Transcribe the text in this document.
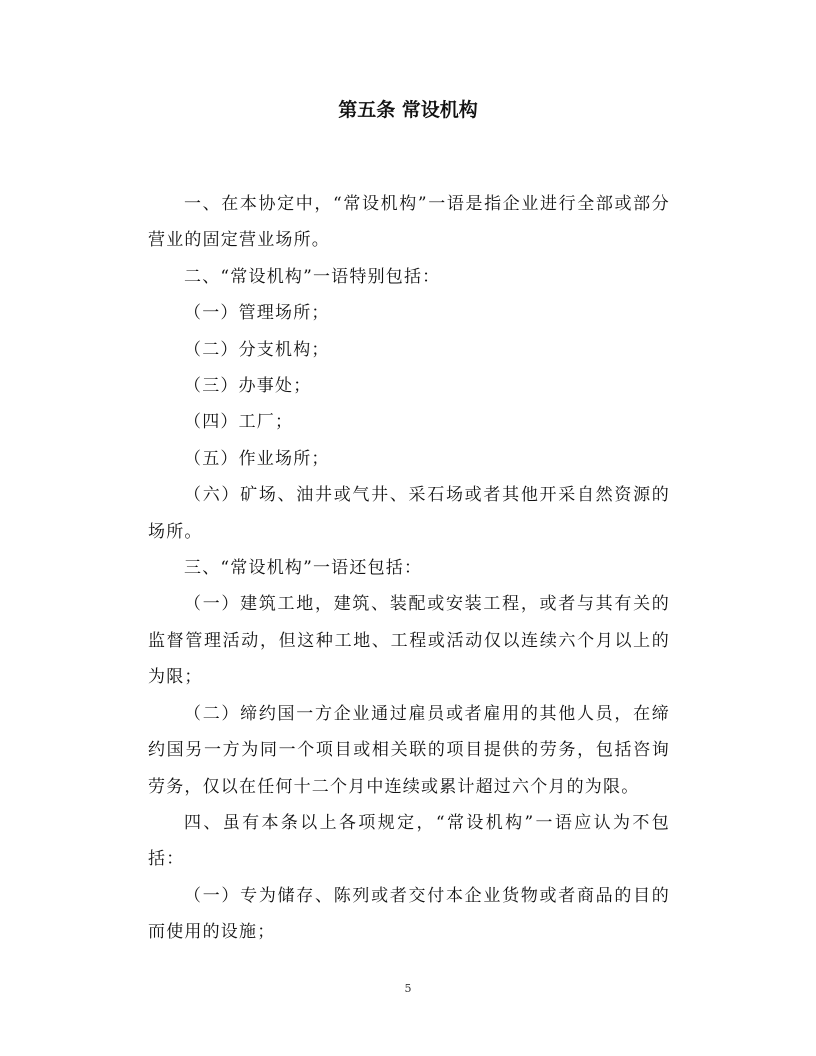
第五条 常设机构

一、在本协定中，“常设机构”一语是指企业进行全部或部分营业的固定营业场所。

二、“常设机构”一语特别包括：

（一）管理场所；

（二）分支机构；

（三）办事处；

（四）工厂；

（五）作业场所；

（六）矿场、油井或气井、采石场或者其他开采自然资源的场所。

三、“常设机构”一语还包括：

（一）建筑工地，建筑、装配或安装工程，或者与其有关的监督管理活动，但这种工地、工程或活动仅以连续六个月以上的为限；

（二）缔约国一方企业通过雇员或者雇用的其他人员，在缔约国另一方为同一个项目或相关联的项目提供的劳务，包括咨询劳务，仅以在任何十二个月中连续或累计超过六个月的为限。

四、虽有本条以上各项规定，“常设机构”一语应认为不包括：

（一）专为储存、陈列或者交付本企业货物或者商品的目的而使用的设施；

5
